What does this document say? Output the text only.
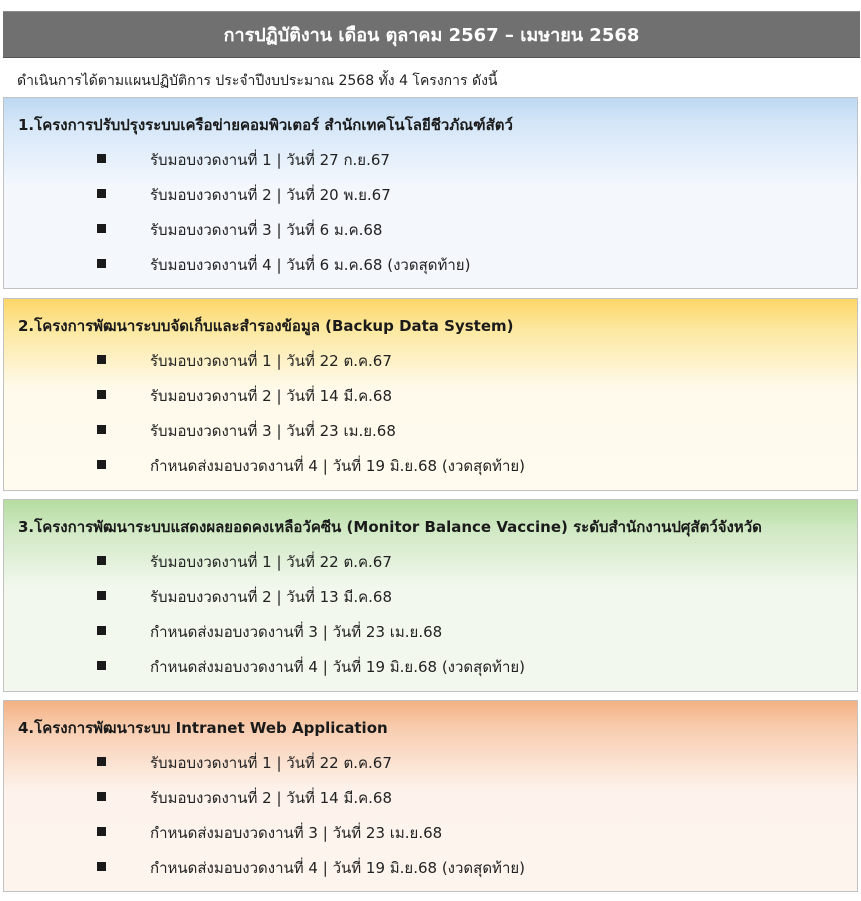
การปฏิบัติงาน เดือน ตุลาคม 2567 – เมษายน 2568
ดำเนินการได้ตามแผนปฏิบัติการ ประจำปีงบประมาณ 2568 ทั้ง 4 โครงการ ดังนี้
1.โครงการปรับปรุงระบบเครือข่ายคอมพิวเตอร์ สำนักเทคโนโลยีชีวภัณฑ์สัตว์
รับมอบงวดงานที่ 1 | วันที่ 27 ก.ย.67
รับมอบงวดงานที่ 2 | วันที่ 20 พ.ย.67
รับมอบงวดงานที่ 3 | วันที่ 6 ม.ค.68
รับมอบงวดงานที่ 4 | วันที่ 6 ม.ค.68 (งวดสุดท้าย)
2.โครงการพัฒนาระบบจัดเก็บและสำรองข้อมูล (Backup Data System)
รับมอบงวดงานที่ 1 | วันที่ 22 ต.ค.67
รับมอบงวดงานที่ 2 | วันที่ 14 มี.ค.68
รับมอบงวดงานที่ 3 | วันที่ 23 เม.ย.68
กำหนดส่งมอบงวดงานที่ 4 | วันที่ 19 มิ.ย.68 (งวดสุดท้าย)
3.โครงการพัฒนาระบบแสดงผลยอดคงเหลือวัคซีน (Monitor Balance Vaccine) ระดับสำนักงานปศุสัตว์จังหวัด
รับมอบงวดงานที่ 1 | วันที่ 22 ต.ค.67
รับมอบงวดงานที่ 2 | วันที่ 13 มี.ค.68
กำหนดส่งมอบงวดงานที่ 3 | วันที่ 23 เม.ย.68
กำหนดส่งมอบงวดงานที่ 4 | วันที่ 19 มิ.ย.68 (งวดสุดท้าย)
4.โครงการพัฒนาระบบ Intranet Web Application
รับมอบงวดงานที่ 1 | วันที่ 22 ต.ค.67
รับมอบงวดงานที่ 2 | วันที่ 14 มี.ค.68
กำหนดส่งมอบงวดงานที่ 3 | วันที่ 23 เม.ย.68
กำหนดส่งมอบงวดงานที่ 4 | วันที่ 19 มิ.ย.68 (งวดสุดท้าย)
